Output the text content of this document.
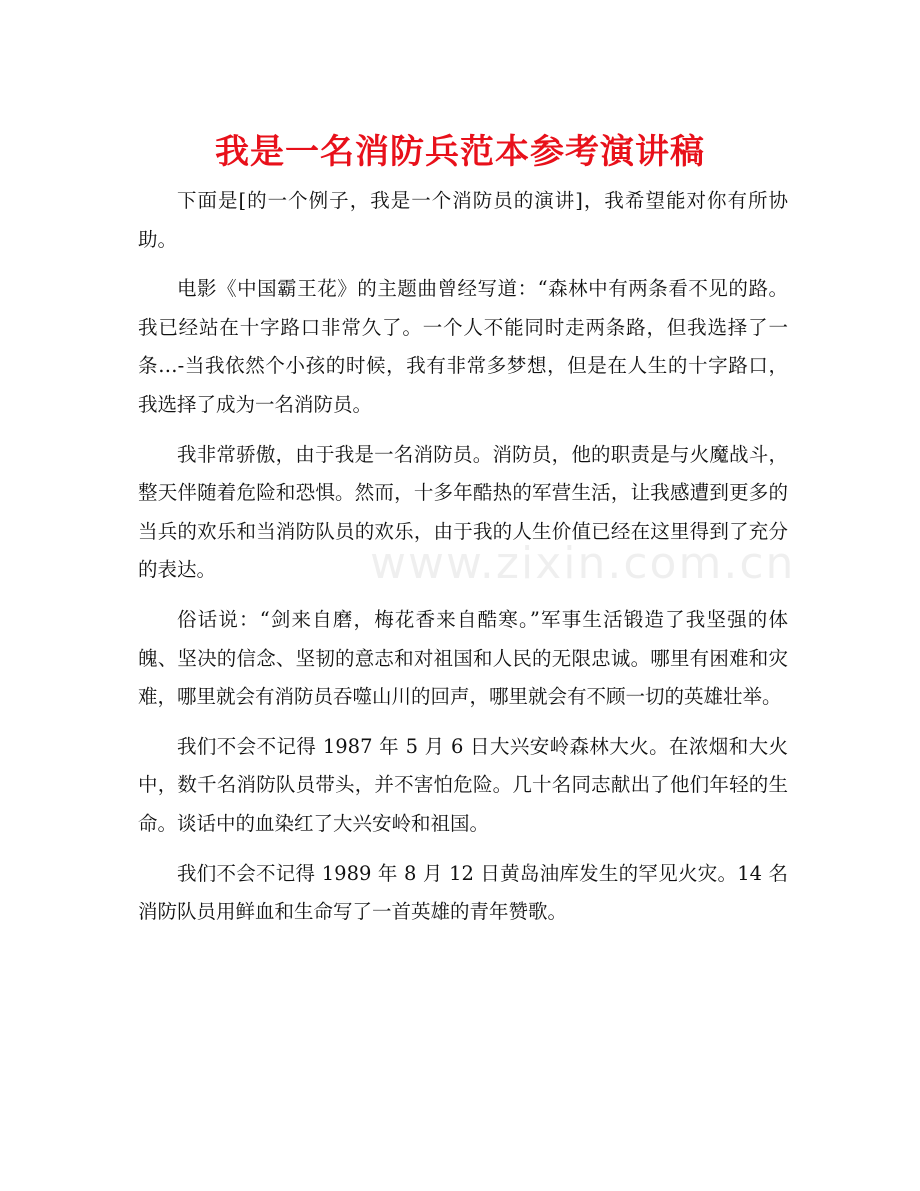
我是一名消防兵范本参考演讲稿
www.zixin.com.cn

下面是[的一个例子，我是一个消防员的演讲]，我希望能对你有所协助。

电影《中国霸王花》的主题曲曾经写道：“森林中有两条看不见的路。我已经站在十字路口非常久了。一个人不能同时走两条路，但我选择了一条…-当我依然个小孩的时候，我有非常多梦想，但是在人生的十字路口，我选择了成为一名消防员。

我非常骄傲，由于我是一名消防员。消防员，他的职责是与火魔战斗，整天伴随着危险和恐惧。然而，十多年酷热的军营生活，让我感遭到更多的当兵的欢乐和当消防队员的欢乐，由于我的人生价值已经在这里得到了充分的表达。

俗话说：“剑来自磨，梅花香来自酷寒。”军事生活锻造了我坚强的体魄、坚决的信念、坚韧的意志和对祖国和人民的无限忠诚。哪里有困难和灾难，哪里就会有消防员吞噬山川的回声，哪里就会有不顾一切的英雄壮举。

我们不会不记得 1987 年 5 月 6 日大兴安岭森林大火。在浓烟和大火中，数千名消防队员带头，并不害怕危险。几十名同志献出了他们年轻的生命。谈话中的血染红了大兴安岭和祖国。

我们不会不记得 1989 年 8 月 12 日黄岛油库发生的罕见火灾。14 名消防队员用鲜血和生命写了一首英雄的青年赞歌。
